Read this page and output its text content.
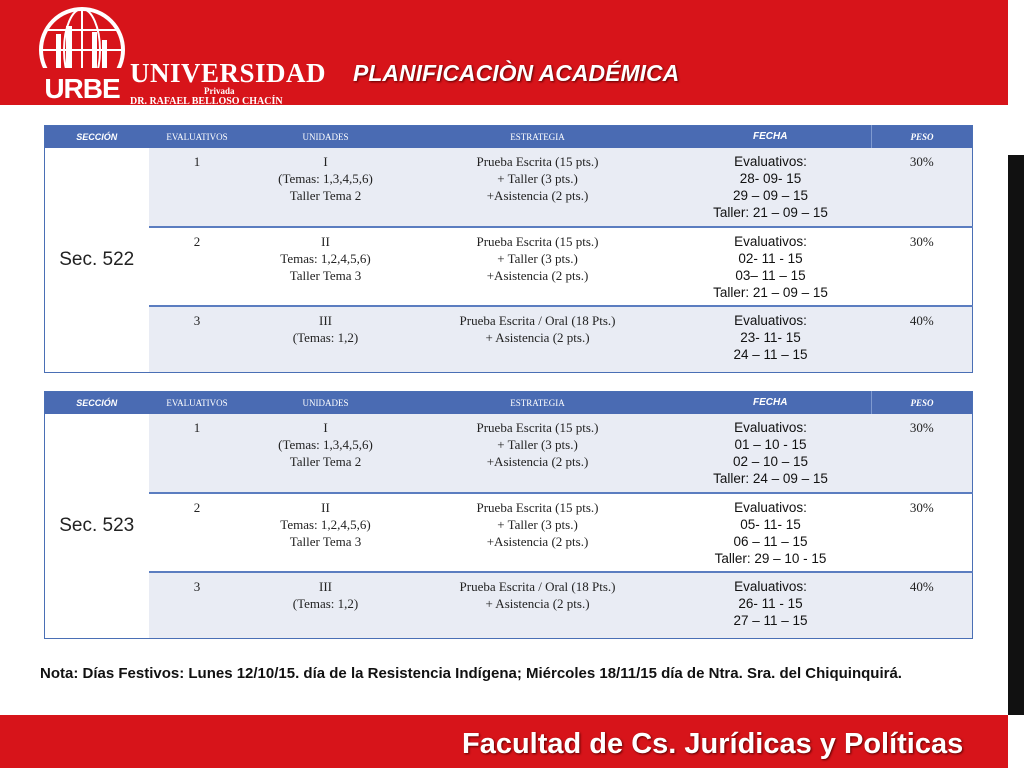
URBE UNIVERSIDAD
Privada
DR. RAFAEL BELLOSO CHACÍN
PLANIFICACIÒN ACADÉMICA
SECCIÓN	EVALUATIVOS	UNIDADES	ESTRATEGIA	FECHA	PESO
Sec. 522	1	I
(Temas: 1,3,4,5,6)
Taller Tema 2	Prueba Escrita (15 pts.)
+ Taller (3 pts.)
+Asistencia (2 pts.)	Evaluativos:
28- 09- 15
29 – 09 – 15
Taller: 21 – 09 – 15	30%
	2	II
Temas: 1,2,4,5,6)
Taller Tema 3	Prueba Escrita (15 pts.)
+ Taller (3 pts.)
+Asistencia (2 pts.)	Evaluativos:
02- 11 - 15
03– 11 – 15
Taller: 21 – 09 – 15	30%
	3	III
(Temas: 1,2)	Prueba Escrita / Oral (18 Pts.)
+ Asistencia (2 pts.)	Evaluativos:
23- 11- 15
24 – 11 – 15	40%
SECCIÓN	EVALUATIVOS	UNIDADES	ESTRATEGIA	FECHA	PESO
Sec. 523	1	I
(Temas: 1,3,4,5,6)
Taller Tema 2	Prueba Escrita (15 pts.)
+ Taller (3 pts.)
+Asistencia (2 pts.)	Evaluativos:
01 – 10 - 15
02 – 10 – 15
Taller: 24 – 09 – 15	30%
	2	II
Temas: 1,2,4,5,6)
Taller Tema 3	Prueba Escrita (15 pts.)
+ Taller (3 pts.)
+Asistencia (2 pts.)	Evaluativos:
05- 11- 15
06 – 11 – 15
Taller: 29 – 10 - 15	30%
	3	III
(Temas: 1,2)	Prueba Escrita / Oral (18 Pts.)
+ Asistencia (2 pts.)	Evaluativos:
26- 11 - 15
27 – 11 – 15	40%
Nota: Días Festivos: Lunes 12/10/15. día de la Resistencia Indígena; Miércoles 18/11/15 día de Ntra. Sra. del Chiquinquirá.
Facultad de Cs. Jurídicas y Políticas
